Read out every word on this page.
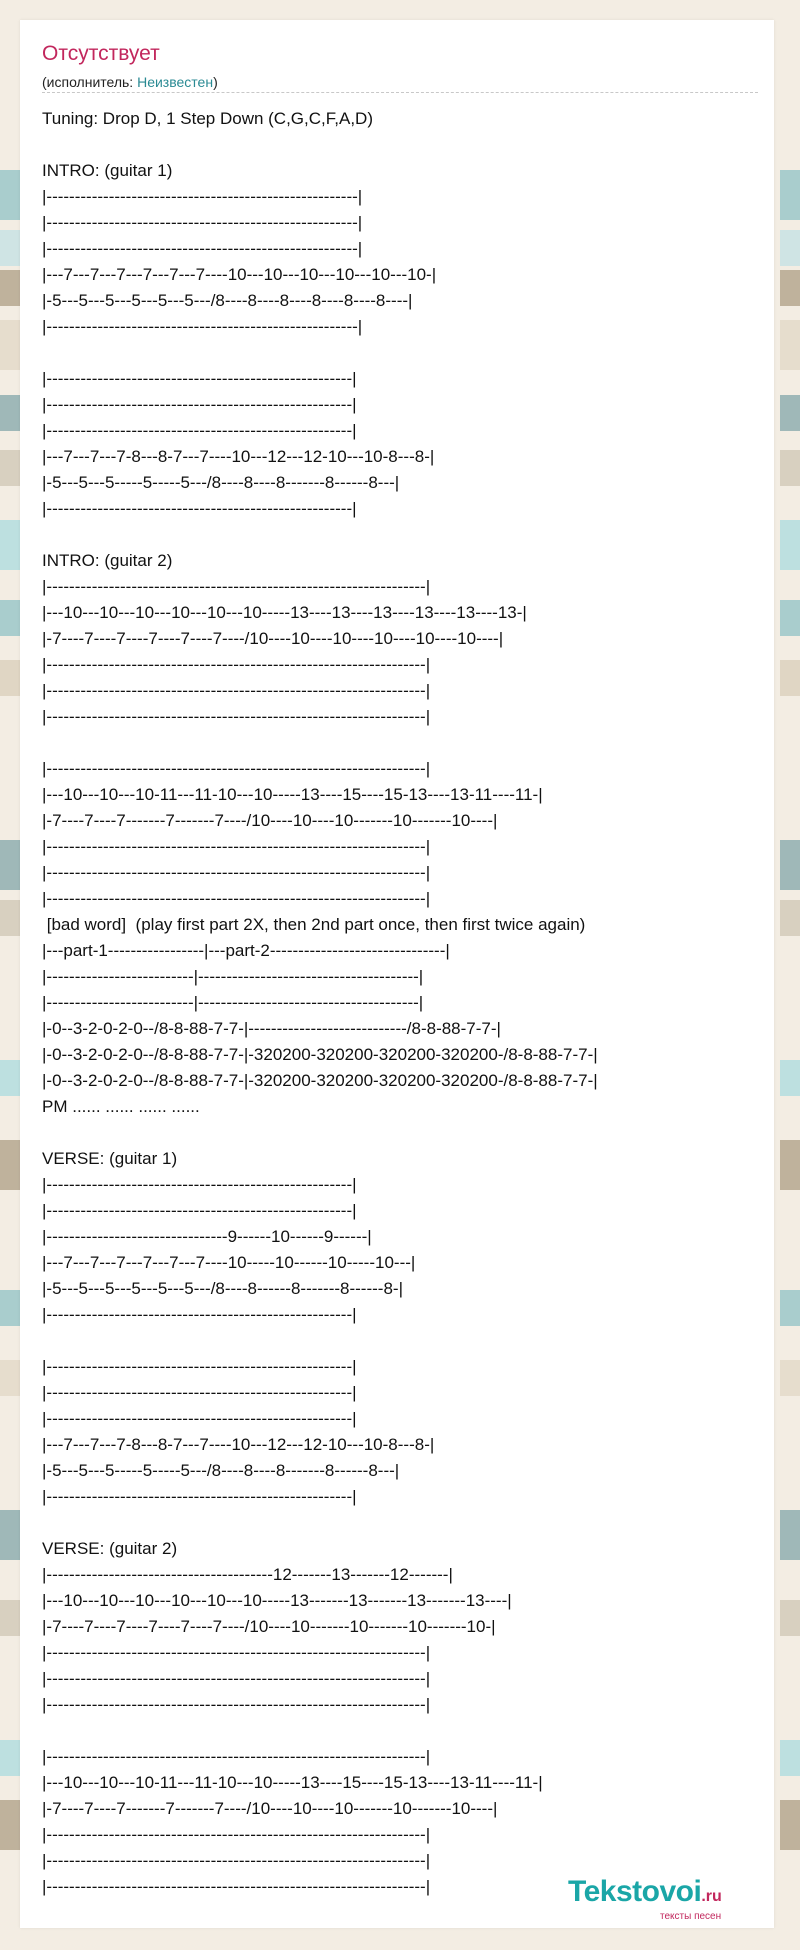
Отсутствует
(исполнитель: Неизвестен)
Tuning: Drop D, 1 Step Down (C,G,C,F,A,D)

INTRO: (guitar 1)
|-------------------------------------------------------|
|-------------------------------------------------------|
|-------------------------------------------------------|
|---7---7---7---7---7---7----10---10---10---10---10---10-|
|-5---5---5---5---5---5---/8----8----8----8----8----8----|
|-------------------------------------------------------|

|------------------------------------------------------|
|------------------------------------------------------|
|------------------------------------------------------|
|---7---7---7-8---8-7---7----10---12---12-10---10-8---8-|
|-5---5---5-----5-----5---/8----8----8-------8------8---|
|------------------------------------------------------|

INTRO: (guitar 2)
|-------------------------------------------------------------------|
|---10---10---10---10---10---10-----13----13----13----13----13----13-|
|-7----7----7----7----7----7----/10----10----10----10----10----10----|
|-------------------------------------------------------------------|
|-------------------------------------------------------------------|
|-------------------------------------------------------------------|

|-------------------------------------------------------------------|
|---10---10---10-11---11-10---10-----13----15----15-13----13-11----11-|
|-7----7----7-------7-------7----/10----10----10-------10-------10----|
|-------------------------------------------------------------------|
|-------------------------------------------------------------------|
|-------------------------------------------------------------------|
[bad word]  (play first part 2X, then 2nd part once, then first twice again)
|---part-1-----------------|---part-2-------------------------------|
|--------------------------|---------------------------------------|
|--------------------------|---------------------------------------|
|-0--3-2-0-2-0--/8-8-88-7-7-|----------------------------/8-8-88-7-7-|
|-0--3-2-0-2-0--/8-8-88-7-7-|-320200-320200-320200-320200-/8-8-88-7-7-|
|-0--3-2-0-2-0--/8-8-88-7-7-|-320200-320200-320200-320200-/8-8-88-7-7-|
PM ...... ...... ...... ......

VERSE: (guitar 1)
|------------------------------------------------------|
|------------------------------------------------------|
|--------------------------------9------10------9------|
|---7---7---7---7---7---7----10-----10------10-----10---|
|-5---5---5---5---5---5---/8----8------8-------8------8-|
|------------------------------------------------------|

|------------------------------------------------------|
|------------------------------------------------------|
|------------------------------------------------------|
|---7---7---7-8---8-7---7----10---12---12-10---10-8---8-|
|-5---5---5-----5-----5---/8----8----8-------8------8---|
|------------------------------------------------------|

VERSE: (guitar 2)
|----------------------------------------12-------13-------12-------|
|---10---10---10---10---10---10-----13-------13-------13-------13----|
|-7----7----7----7----7----7----/10----10-------10-------10-------10-|
|-------------------------------------------------------------------|
|-------------------------------------------------------------------|
|-------------------------------------------------------------------|

|-------------------------------------------------------------------|
|---10---10---10-11---11-10---10-----13----15----15-13----13-11----11-|
|-7----7----7-------7-------7----/10----10----10-------10-------10----|
|-------------------------------------------------------------------|
|-------------------------------------------------------------------|
|-------------------------------------------------------------------|	Tekstovoi.ru
тексты песен
